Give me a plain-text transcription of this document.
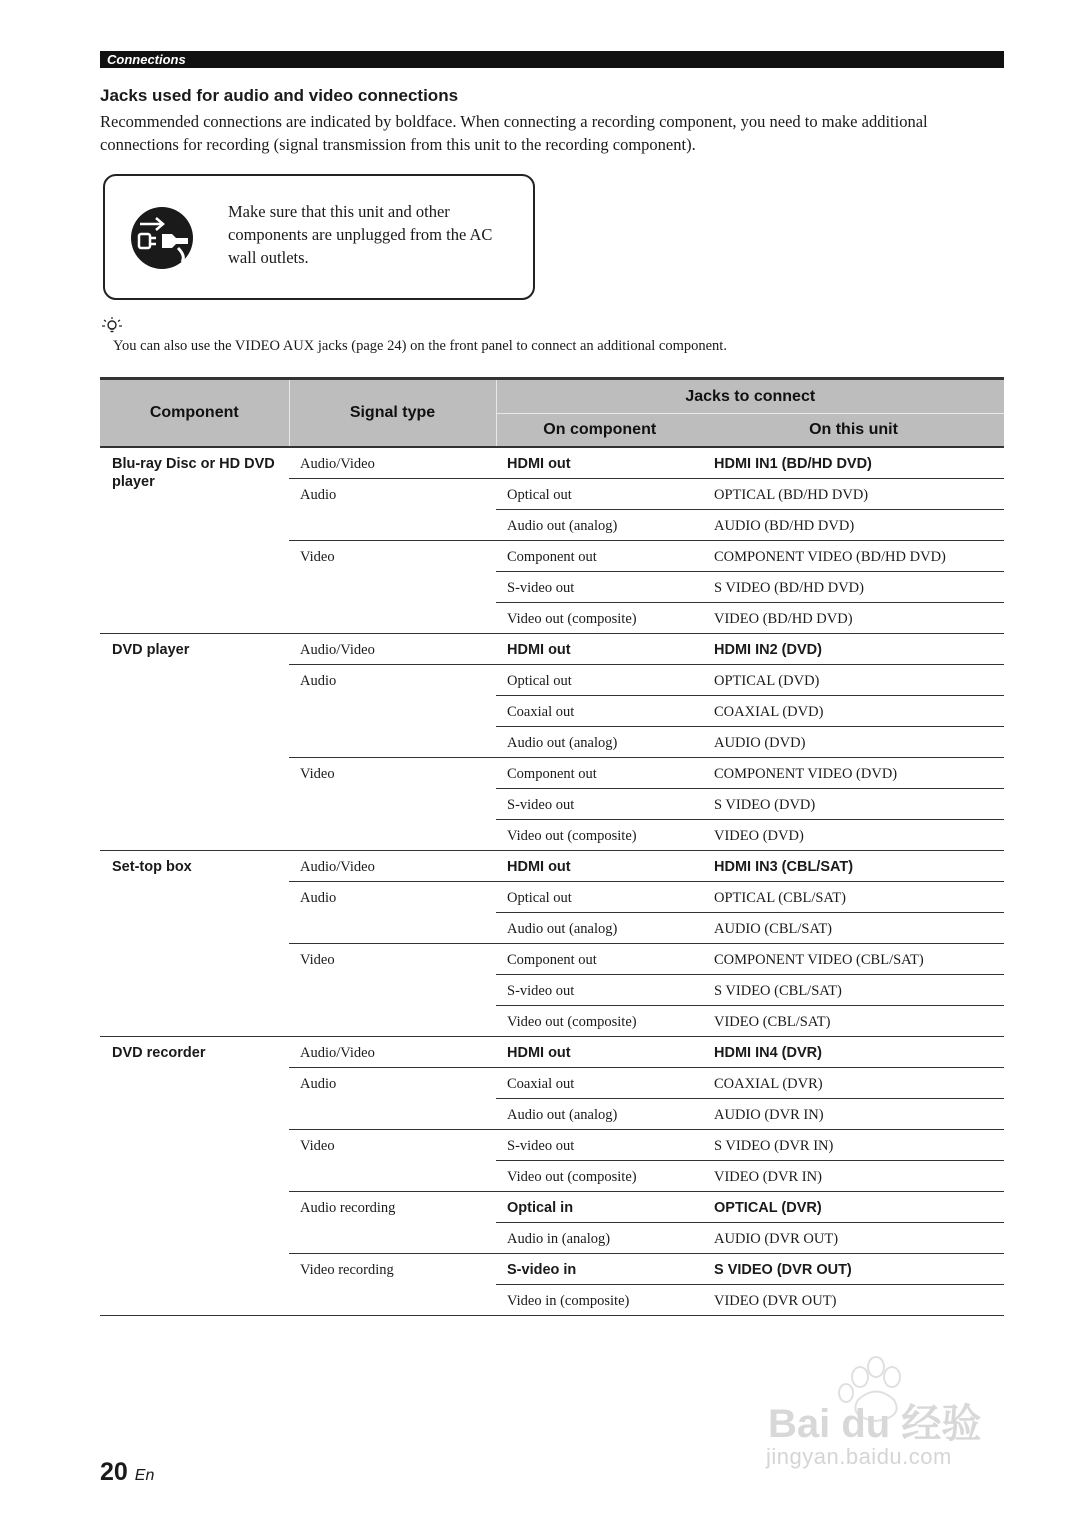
Connections
Jacks used for audio and video connections

Recommended connections are indicated by boldface. When connecting a recording component, you need to make additional connections for recording (signal transmission from this unit to the recording component).

Make sure that this unit and other components are unplugged from the AC wall outlets.

You can also use the VIDEO AUX jacks (page 24) on the front panel to connect an additional component.

Component	Signal type	Jacks to connect	
		On component	On this unit
Blu-ray Disc or HD DVD player	Audio/Video	HDMI out	HDMI IN1 (BD/HD DVD)
	Audio	Optical out	OPTICAL (BD/HD DVD)
		Audio out (analog)	AUDIO (BD/HD DVD)
	Video	Component out	COMPONENT VIDEO (BD/HD DVD)
		S-video out	S VIDEO (BD/HD DVD)
		Video out (composite)	VIDEO (BD/HD DVD)
DVD player	Audio/Video	HDMI out	HDMI IN2 (DVD)
	Audio	Optical out	OPTICAL (DVD)
		Coaxial out	COAXIAL (DVD)
		Audio out (analog)	AUDIO (DVD)
	Video	Component out	COMPONENT VIDEO (DVD)
		S-video out	S VIDEO (DVD)
		Video out (composite)	VIDEO (DVD)
Set-top box	Audio/Video	HDMI out	HDMI IN3 (CBL/SAT)
	Audio	Optical out	OPTICAL (CBL/SAT)
		Audio out (analog)	AUDIO (CBL/SAT)
	Video	Component out	COMPONENT VIDEO (CBL/SAT)
		S-video out	S VIDEO (CBL/SAT)
		Video out (composite)	VIDEO (CBL/SAT)
DVD recorder	Audio/Video	HDMI out	HDMI IN4 (DVR)
	Audio	Coaxial out	COAXIAL (DVR)
		Audio out (analog)	AUDIO (DVR IN)
	Video	S-video out	S VIDEO (DVR IN)
		Video out (composite)	VIDEO (DVR IN)
	Audio recording	Optical in	OPTICAL (DVR)
		Audio in (analog)	AUDIO (DVR OUT)
	Video recording	S-video in	S VIDEO (DVR OUT)
		Video in (composite)	VIDEO (DVR OUT)
Bai du 经验
jingyan.baidu.com
20 En
